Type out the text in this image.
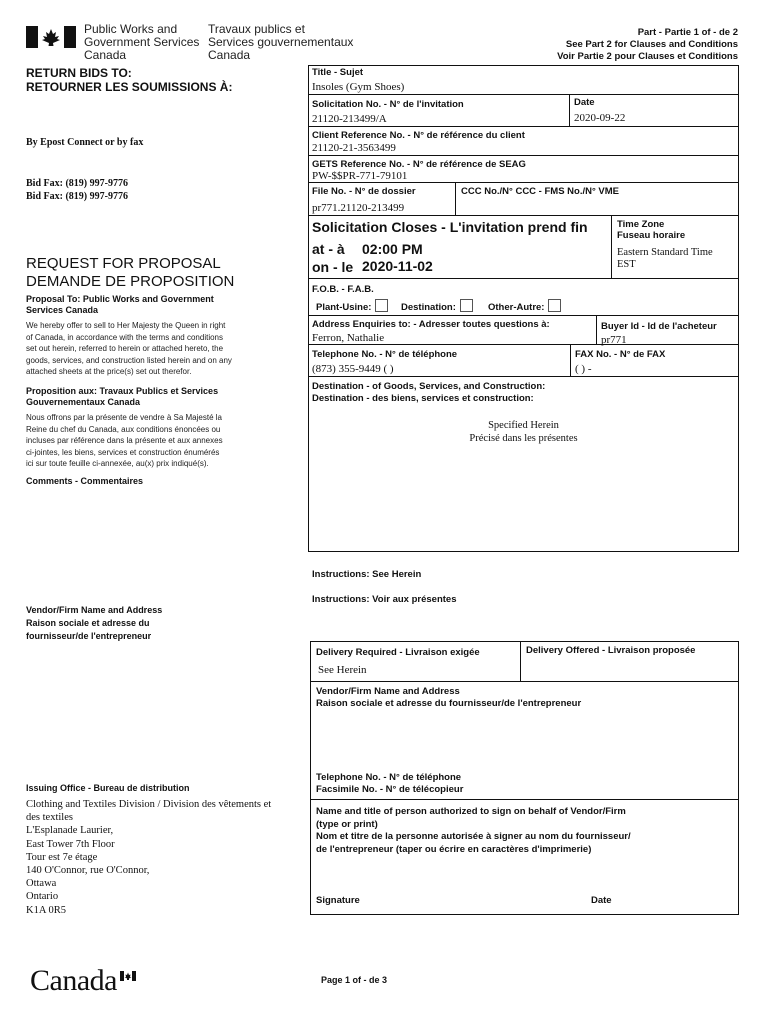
Public Works and
Government Services
Canada
Travaux publics et
Services gouvernementaux
Canada
Part - Partie 1 of - de 2
See Part 2 for Clauses and Conditions
Voir Partie 2 pour Clauses et Conditions
RETURN BIDS TO:
RETOURNER LES SOUMISSIONS À:
By Epost Connect or by fax
Bid Fax: (819) 997-9776
Bid Fax: (819) 997-9776
REQUEST FOR PROPOSAL
DEMANDE DE PROPOSITION
Proposal To: Public Works and Government
Services Canada
We hereby offer to sell to Her Majesty the Queen in right
of Canada, in accordance with the terms and conditions
set out herein, referred to herein or attached hereto, the
goods, services, and construction listed herein and on any
attached sheets at the price(s) set out therefor.
Proposition aux: Travaux Publics et Services
Gouvernementaux Canada
Nous offrons par la présente de vendre à Sa Majesté la
Reine du chef du Canada, aux conditions énoncées ou
incluses par référence dans la présente et aux annexes
ci-jointes, les biens, services et construction énumérés
ici sur toute feuille ci-annexée, au(x) prix indiqué(s).
Comments - Commentaires
Vendor/Firm Name and Address
Raison sociale et adresse du
fournisseur/de l'entrepreneur
Issuing Office - Bureau de distribution
Clothing and Textiles Division / Division des vêtements et
des textiles
L'Esplanade Laurier,
East Tower 7th Floor
Tour est 7e étage
140 O'Connor, rue O'Connor,
Ottawa
Ontario
K1A 0R5
Title - Sujet
Insoles (Gym Shoes)
Solicitation No. - N° de l'invitation
21120-213499/A
Date
2020-09-22
Client Reference No. - N° de référence du client
21120-21-3563499
GETS Reference No. - N° de référence de SEAG
PW-$$PR-771-79101
File No. - N° de dossier
pr771.21120-213499
CCC No./N° CCC - FMS No./N° VME
Solicitation Closes - L'invitation prend fin
at - à 02:00 PM
on - le 2020-11-02
Time Zone
Fuseau horaire
Eastern Standard Time
EST
F.O.B. - F.A.B.
Plant-Usine:	Destination:	Other-Autre:
Address Enquiries to: - Adresser toutes questions à:
Ferron, Nathalie
Buyer Id - Id de l'acheteur
pr771
Telephone No. - N° de téléphone
(873) 355-9449 ( )
FAX No. - N° de FAX
( ) -
Destination - of Goods, Services, and Construction:
Destination - des biens, services et construction:
Specified Herein
Précisé dans les présentes
Instructions: See Herein
Instructions: Voir aux présentes
Delivery Required - Livraison exigée
See Herein
Delivery Offered - Livraison proposée
Vendor/Firm Name and Address
Raison sociale et adresse du fournisseur/de l'entrepreneur
Telephone No. - N° de téléphone
Facsimile No. - N° de télécopieur
Name and title of person authorized to sign on behalf of Vendor/Firm
(type or print)
Nom et titre de la personne autorisée à signer au nom du fournisseur/
de l'entrepreneur (taper ou écrire en caractères d'imprimerie)
Signature	Date
Canada	Page 1 of - de 3
